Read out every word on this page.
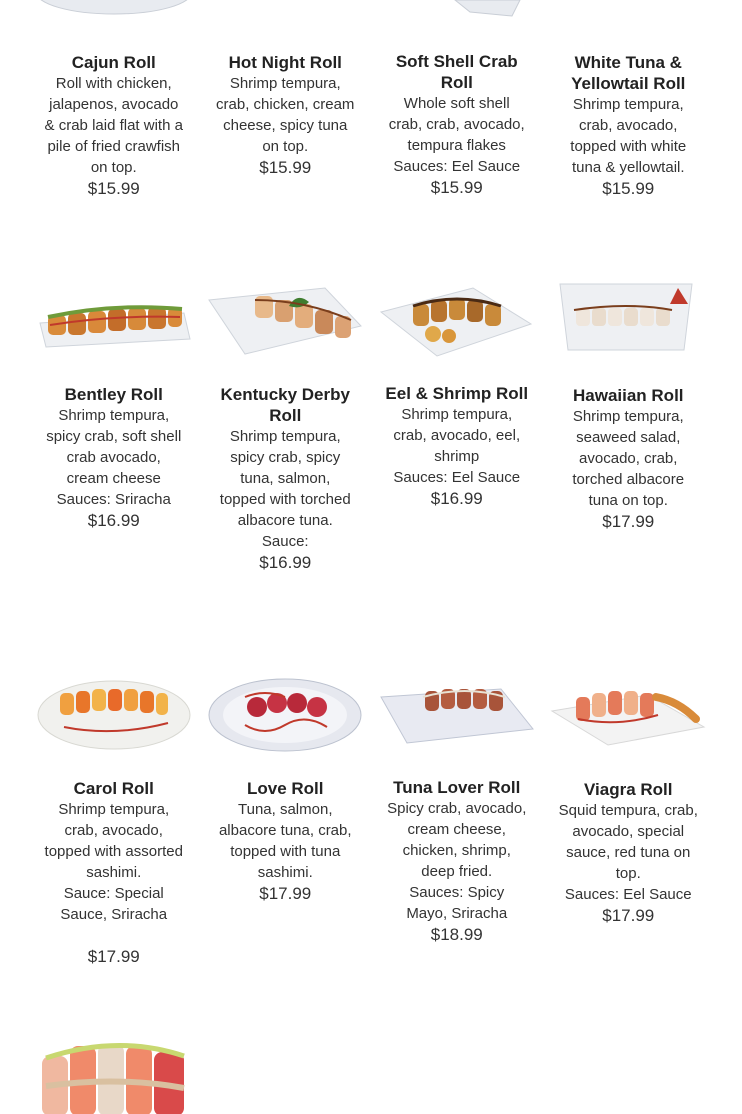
Cajun Roll
Roll with chicken, jalapenos, avocado & crab laid flat with a pile of fried crawfish on top.
$15.99
Hot Night Roll
Shrimp tempura, crab, chicken, cream cheese, spicy tuna on top.
$15.99
Soft Shell Crab Roll
Whole soft shell crab, crab, avocado, tempura flakes
Sauces: Eel Sauce
$15.99
White Tuna & Yellowtail Roll
Shrimp tempura, crab, avocado, topped with white tuna & yellowtail.
$15.99
Bentley Roll
Shrimp tempura, spicy crab, soft shell crab avocado, cream cheese
Sauces: Sriracha
$16.99
Kentucky Derby Roll
Shrimp tempura, spicy crab, spicy tuna, salmon, topped with torched albacore tuna.
Sauce:
$16.99
Eel & Shrimp Roll
Shrimp tempura, crab, avocado, eel, shrimp
Sauces: Eel Sauce
$16.99
Hawaiian Roll
Shrimp tempura, seaweed salad, avocado, crab, torched albacore tuna on top.
$17.99
Carol Roll
Shrimp tempura, crab, avocado, topped with assorted sashimi.
Sauce: Special Sauce, Sriracha
$17.99
Love Roll
Tuna, salmon, albacore tuna, crab, topped with tuna sashimi.
$17.99
Tuna Lover Roll
Spicy crab, avocado, cream cheese, chicken, shrimp, deep fried.
Sauces: Spicy Mayo, Sriracha
$18.99
Viagra Roll
Squid tempura, crab, avocado, special sauce, red tuna on top.
Sauces: Eel Sauce
$17.99
